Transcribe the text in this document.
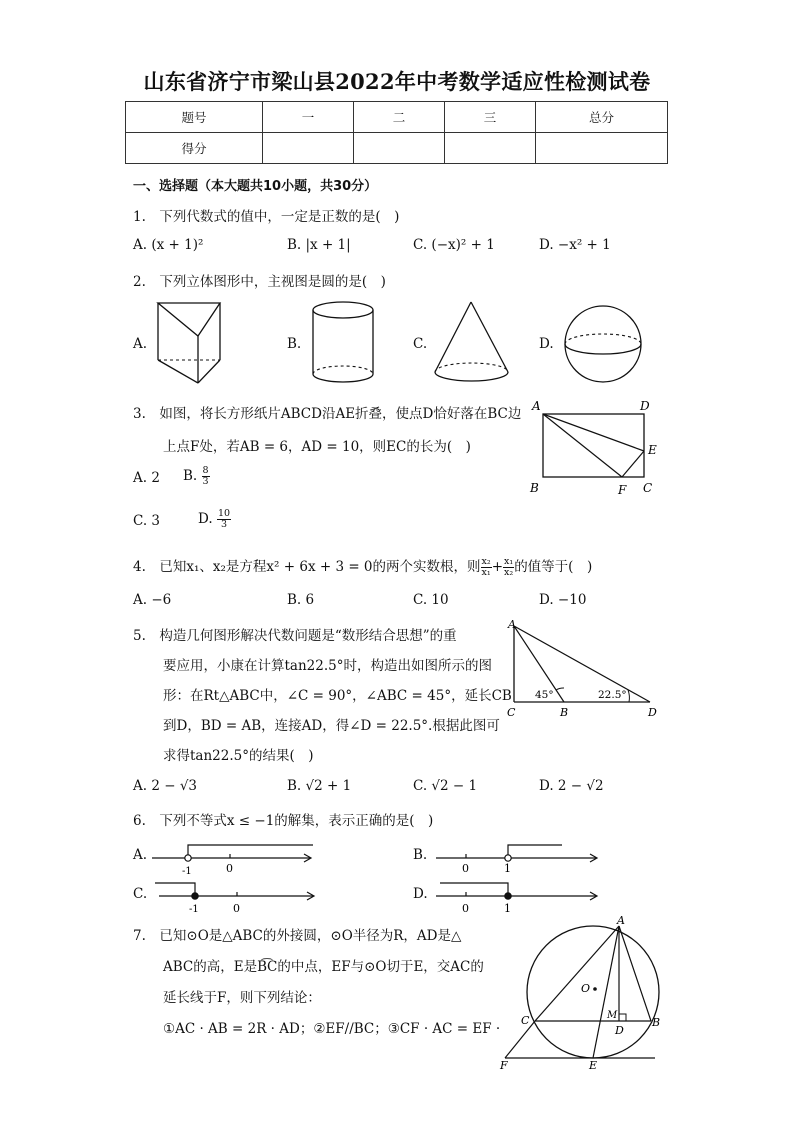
山东省济宁市梁山县2022年中考数学适应性检测试卷
题号	一	二	三	总分
得分				
一、选择题（本大题共10小题，共30分）
1.　下列代数式的值中，一定是正数的是(　)
A. (x + 1)²	B. |x + 1|	C. (−x)² + 1	D. −x² + 1
2.　下列立体图形中，主视图是圆的是(　)
A.	B.	C.	D.
3.　如图，将长方形纸片ABCD沿AE折叠，使点D恰好落在BC边
上点F处，若AB = 6，AD = 10，则EC的长为(　)
A. 2 B. $\frac{8}{3}$
C. 3	D. $\frac{10}{3}$
A	D
E
B	F C
4.　已知x₁、x₂是方程x² + 6x + 3 = 0的两个实数根，则 $\frac{\text{x₂}}{\text{x₁}} + \frac{\text{x₁}}{\text{x₂}}$ 的值等于(　)
A. −6	B. 6	C. 10	D. −10
5.　构造几何图形解决代数问题是“数形结合思想”的重
要应用，小康在计算tan22.5°时，构造出如图所示的图
形：在Rt△ABC中，∠C = 90°，∠ABC = 45°，延长CB
到D，BD = AB，连接AD，得∠D = 22.5°.根据此图可
求得tan22.5°的结果(　)
A. 2 − √3	B. √2 + 1	C. √2 − 1	D. 2 − √2
A
C	B	D
45°	22.5°
6.　下列不等式x ≤ −1的解集，表示正确的是(　)
A.	B.
C.	D.
-1	0	0	1
-1	0	0	1
7.　已知⊙O是△ABC的外接圆，⊙O半径为R，AD是△
ABC的高，E是B͡C的中点，EF与⊙O切于E，交AC的
延长线于F，则下列结论：
①AC · AB = 2R · AD；②EF//BC；③CF · AC = EF ·
A
O
C	M
D
B
F	E
